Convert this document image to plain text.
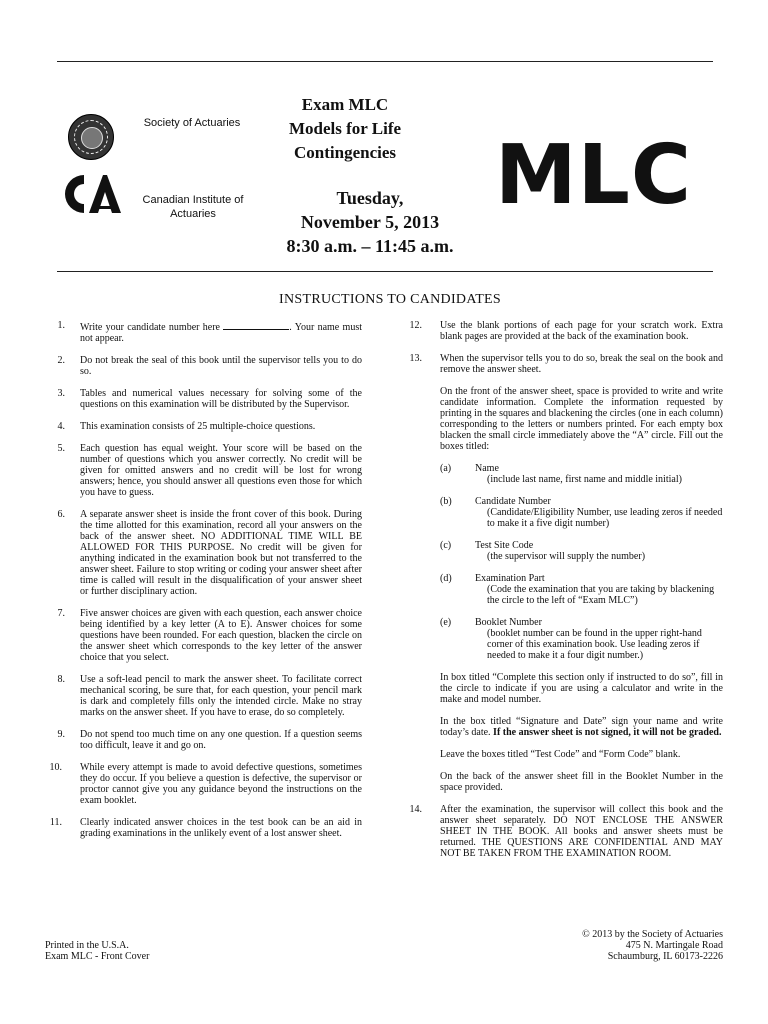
Society of Actuaries
Canadian Institute of Actuaries
Exam MLC
Models for Life
Contingencies
Tuesday,
November 5, 2013
8:30 a.m. – 11:45 a.m.
MLC
INSTRUCTIONS TO CANDIDATES
1. Write your candidate number here	. Your name must not appear.
2. Do not break the seal of this book until the supervisor tells you to do so.
3. Tables and numerical values necessary for solving some of the questions on this examination will be distributed by the Supervisor.
4. This examination consists of 25 multiple-choice questions.
5. Each question has equal weight. Your score will be based on the number of questions which you answer correctly. No credit will be given for omitted answers and no credit will be lost for wrong answers; hence, you should answer all questions even those for which you have to guess.
6. A separate answer sheet is inside the front cover of this book. During the time allotted for this examination, record all your answers on the back of the answer sheet. NO ADDITIONAL TIME WILL BE ALLOWED FOR THIS PURPOSE. No credit will be given for anything indicated in the examination book but not transferred to the answer sheet. Failure to stop writing or coding your answer sheet after time is called will result in the disqualification of your answer sheet or further disciplinary action.
7. Five answer choices are given with each question, each answer choice being identified by a key letter (A to E). Answer choices for some questions have been rounded. For each question, blacken the circle on the answer sheet which corresponds to the key letter of the answer choice that you select.
8. Use a soft-lead pencil to mark the answer sheet. To facilitate correct mechanical scoring, be sure that, for each question, your pencil mark is dark and completely fills only the intended circle. Make no stray marks on the answer sheet. If you have to erase, do so completely.
9. Do not spend too much time on any one question. If a question seems too difficult, leave it and go on.
10. While every attempt is made to avoid defective questions, sometimes they do occur. If you believe a question is defective, the supervisor or proctor cannot give you any guidance beyond the instructions on the exam booklet.
11. Clearly indicated answer choices in the test book can be an aid in grading examinations in the unlikely event of a lost answer sheet.
12. Use the blank portions of each page for your scratch work. Extra blank pages are provided at the back of the examination book.
13. When the supervisor tells you to do so, break the seal on the book and remove the answer sheet.
On the front of the answer sheet, space is provided to write and write candidate information. Complete the information requested by printing in the squares and blackening the circles (one in each column) corresponding to the letters or numbers printed. For each empty box blacken the small circle immediately above the “A” circle. Fill out the boxes titled:
(a) Name
(include last name, first name and middle initial)
(b) Candidate Number
(Candidate/Eligibility Number, use leading zeros if needed to make it a five digit number)
(c) Test Site Code
(the supervisor will supply the number)
(d) Examination Part
(Code the examination that you are taking by blackening the circle to the left of “Exam MLC”)
(e) Booklet Number
(booklet number can be found in the upper right-hand corner of this examination book. Use leading zeros if needed to make it a four digit number.)
In box titled “Complete this section only if instructed to do so”, fill in the circle to indicate if you are using a calculator and write in the make and model number.
In the box titled “Signature and Date” sign your name and write today’s date. If the answer sheet is not signed, it will not be graded.
Leave the boxes titled “Test Code” and “Form Code” blank.
On the back of the answer sheet fill in the Booklet Number in the space provided.
14. After the examination, the supervisor will collect this book and the answer sheet separately. DO NOT ENCLOSE THE ANSWER SHEET IN THE BOOK. All books and answer sheets must be returned. THE QUESTIONS ARE CONFIDENTIAL AND MAY NOT BE TAKEN FROM THE EXAMINATION ROOM.
Printed in the U.S.A.
Exam MLC - Front Cover
© 2013 by the Society of Actuaries
475 N. Martingale Road
Schaumburg, IL 60173-2226
